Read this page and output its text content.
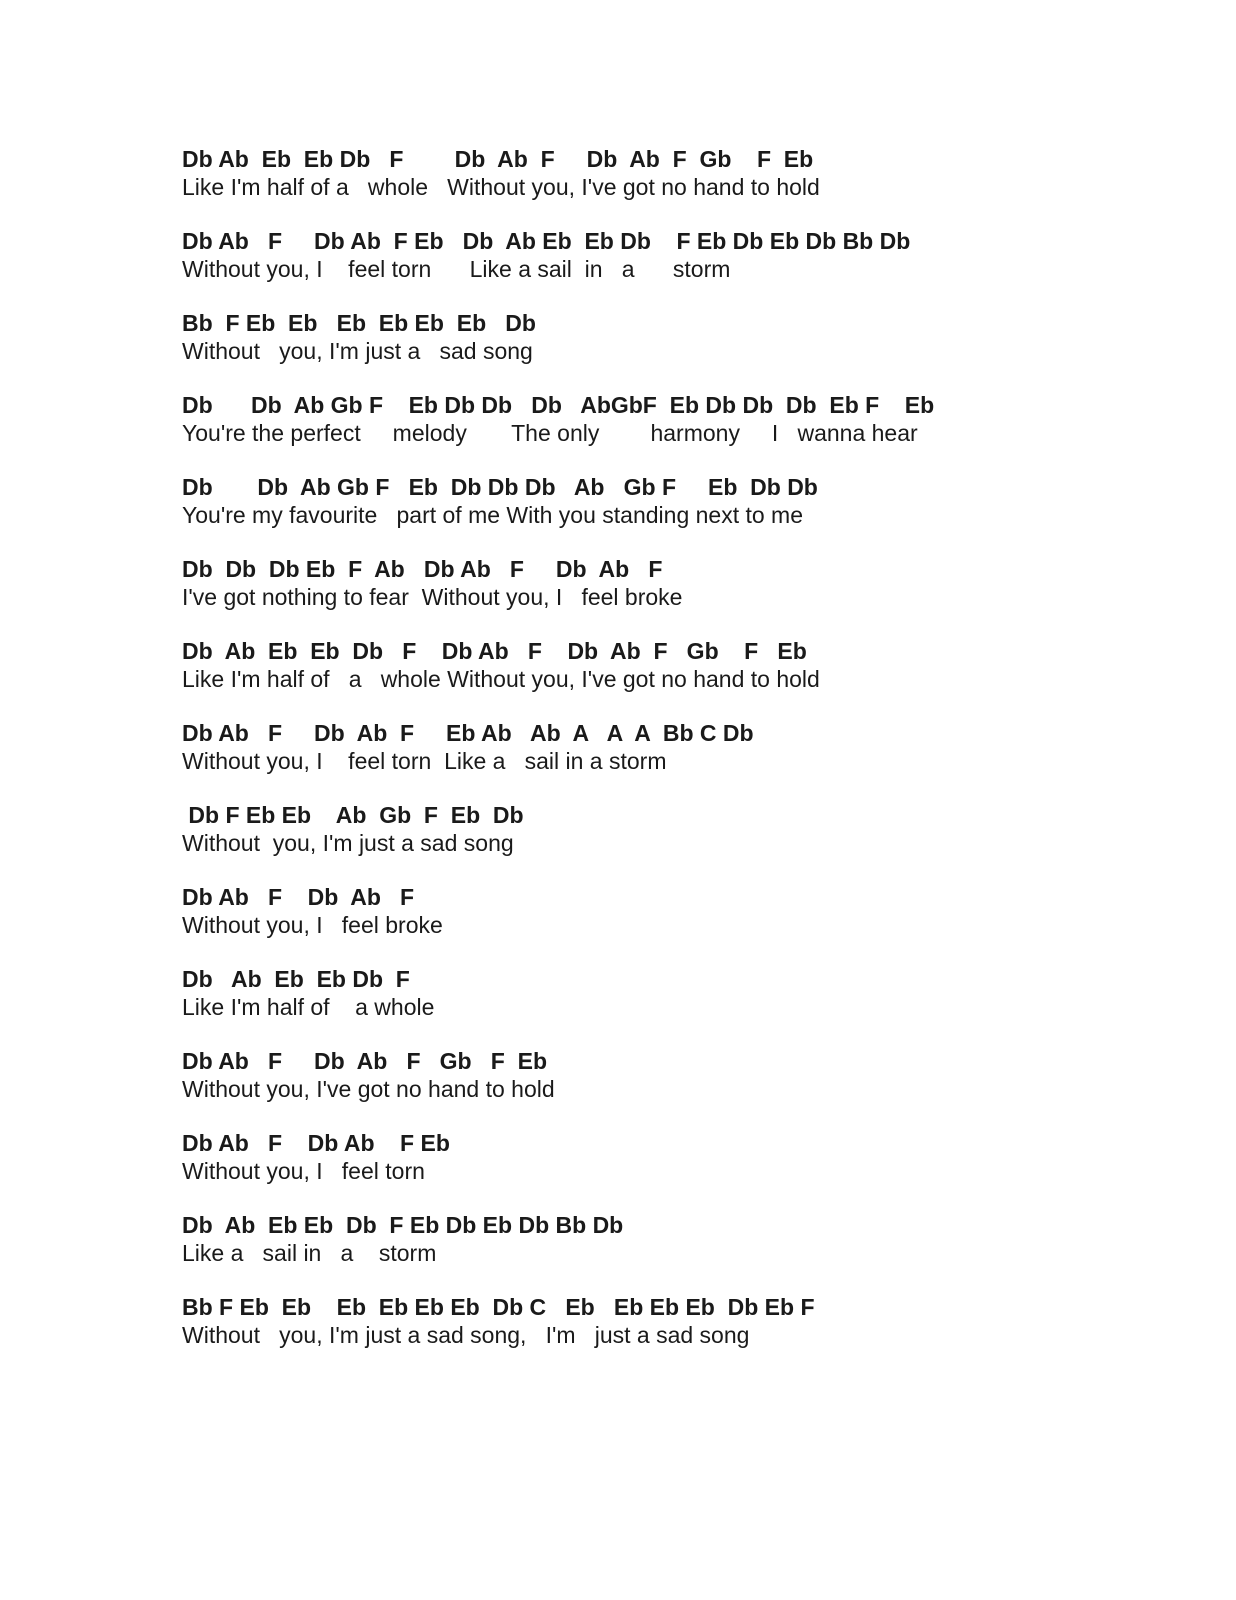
Db Ab  Eb  Eb Db   F        Db  Ab  F     Db  Ab  F  Gb    F  Eb
Like I'm half of a   whole   Without you, I've got no hand to hold
Db Ab   F     Db Ab  F Eb   Db  Ab Eb  Eb Db    F Eb Db Eb Db Bb Db
Without you, I    feel torn      Like a sail  in   a      storm
Bb  F Eb  Eb   Eb  Eb Eb  Eb   Db
Without   you, I'm just a   sad song
Db      Db  Ab Gb F    Eb Db Db   Db   AbGbF  Eb Db Db  Db  Eb F    Eb
You're the perfect     melody       The only        harmony     I   wanna hear
Db       Db  Ab Gb F   Eb  Db Db Db   Ab   Gb F     Eb  Db Db
You're my favourite   part of me With you standing next to me
Db  Db  Db Eb  F  Ab   Db Ab   F     Db  Ab   F
I've got nothing to fear  Without you, I   feel broke
Db  Ab  Eb  Eb  Db   F    Db Ab   F    Db  Ab  F   Gb    F   Eb
Like I'm half of   a   whole Without you, I've got no hand to hold
Db Ab   F     Db  Ab  F     Eb Ab   Ab  A   A  A  Bb C Db
Without you, I    feel torn  Like a   sail in a storm
Db F Eb Eb    Ab  Gb  F  Eb  Db
Without  you, I'm just a sad song
Db Ab   F    Db  Ab   F
Without you, I   feel broke
Db   Ab  Eb  Eb Db  F
Like I'm half of    a whole
Db Ab   F     Db  Ab   F   Gb   F  Eb
Without you, I've got no hand to hold
Db Ab   F    Db Ab    F Eb
Without you, I   feel torn
Db  Ab  Eb Eb  Db  F Eb Db Eb Db Bb Db
Like a   sail in   a    storm
Bb F Eb  Eb    Eb  Eb Eb Eb  Db C   Eb   Eb Eb Eb  Db Eb F
Without   you, I'm just a sad song,   I'm   just a sad song
